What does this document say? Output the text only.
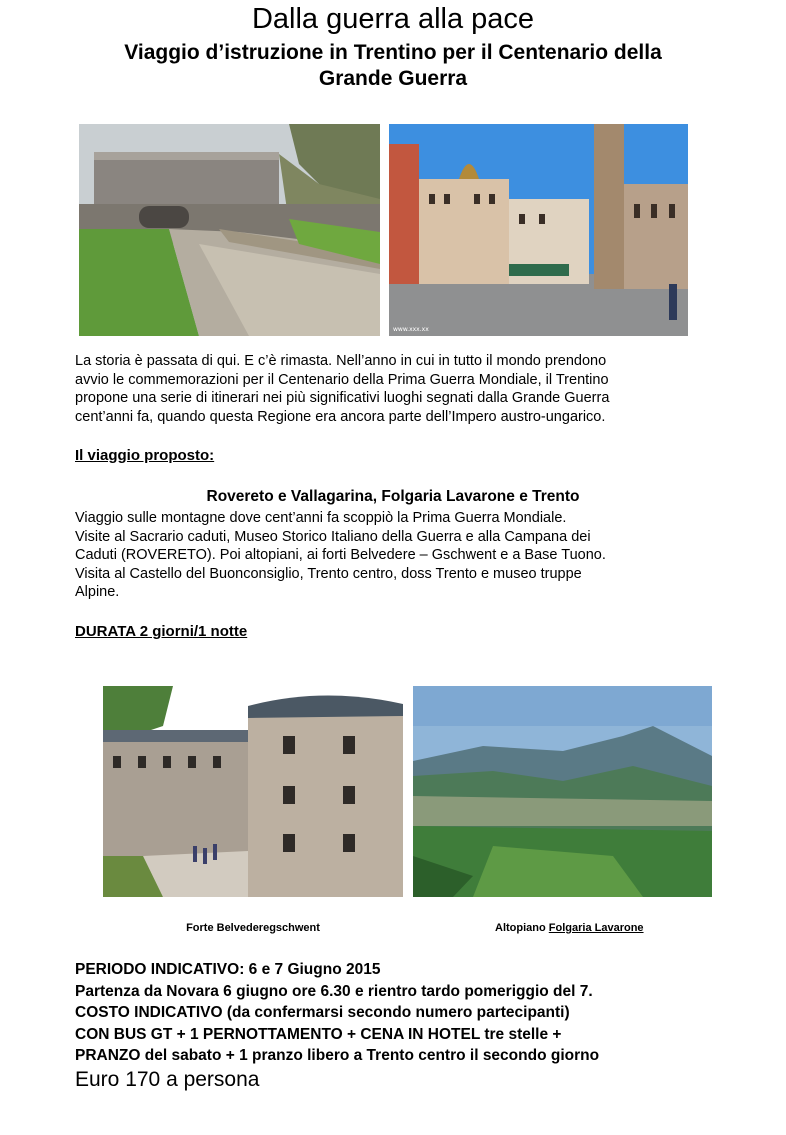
Dalla guerra alla pace
Viaggio d’istruzione in Trentino per il Centenario della
Grande Guerra
www.xxx.xx
La storia è passata di qui. E c’è rimasta. Nell’anno in cui in tutto il mondo prendono
avvio le commemorazioni per il Centenario della Prima Guerra Mondiale, il Trentino
propone una serie di itinerari nei più significativi luoghi segnati dalla Grande Guerra
cent’anni fa, quando questa Regione era ancora parte dell’Impero austro-ungarico.
Il viaggio proposto:
Rovereto e Vallagarina, Folgaria Lavarone e Trento
Viaggio sulle montagne dove cent’anni fa scoppiò la Prima Guerra Mondiale.
Visite al Sacrario caduti, Museo Storico Italiano della Guerra e alla Campana dei
Caduti (ROVERETO). Poi altopiani, ai forti Belvedere – Gschwent e a Base Tuono.
Visita al Castello del Buonconsiglio, Trento centro, doss Trento e museo truppe
Alpine.
DURATA 2 giorni/1 notte
Forte Belvederegschwent	Altopiano Folgaria Lavarone
PERIODO INDICATIVO: 6 e 7 Giugno 2015
Partenza da Novara 6 giugno ore 6.30 e rientro tardo pomeriggio del 7.
COSTO INDICATIVO (da confermarsi secondo numero partecipanti)
CON BUS GT + 1 PERNOTTAMENTO + CENA IN HOTEL tre stelle +
PRANZO del sabato + 1 pranzo libero a Trento centro il secondo giorno
Euro 170 a persona
